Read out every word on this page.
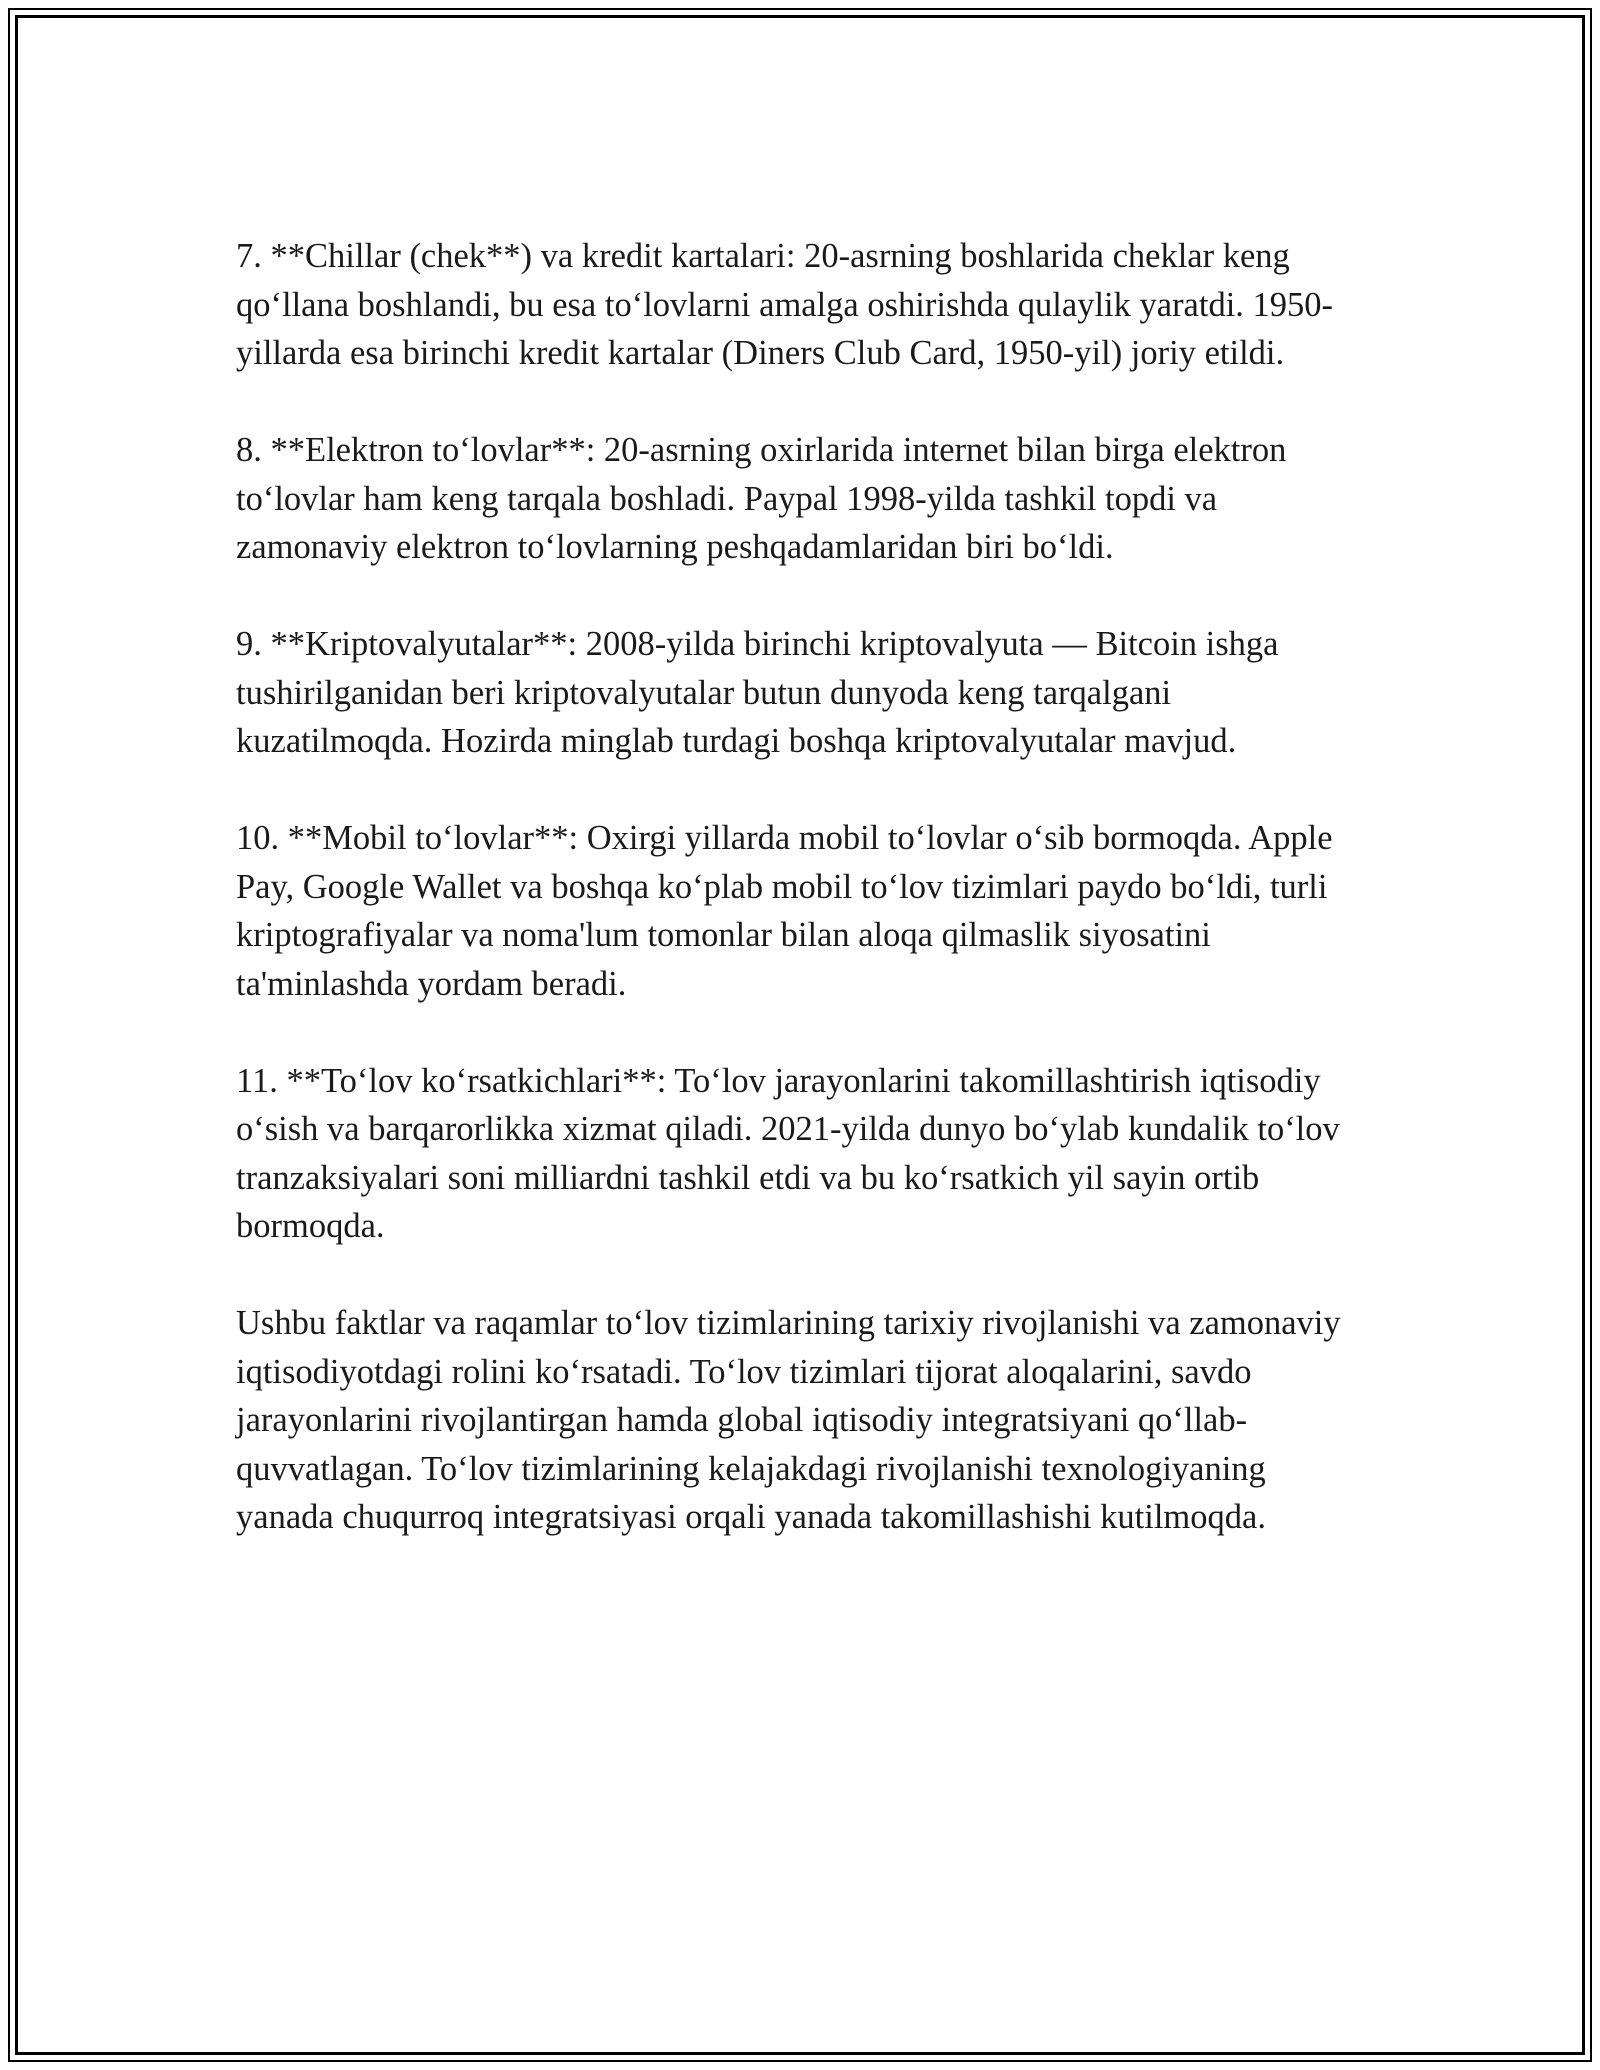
7. **Chillar (chek**) va kredit kartalari: 20-asrning boshlarida cheklar keng qo‘llana boshlandi, bu esa to‘lovlarni amalga oshirishda qulaylik yaratdi. 1950-yillarda esa birinchi kredit kartalar (Diners Club Card, 1950-yil) joriy etildi.

8. **Elektron to‘lovlar**: 20-asrning oxirlarida internet bilan birga elektron to‘lovlar ham keng tarqala boshladi. Paypal 1998-yilda tashkil topdi va zamonaviy elektron to‘lovlarning peshqadamlaridan biri bo‘ldi.

9. **Kriptovalyutalar**: 2008-yilda birinchi kriptovalyuta — Bitcoin ishga tushirilganidan beri kriptovalyutalar butun dunyoda keng tarqalgani kuzatilmoqda. Hozirda minglab turdagi boshqa kriptovalyutalar mavjud.

10. **Mobil to‘lovlar**: Oxirgi yillarda mobil to‘lovlar o‘sib bormoqda. Apple Pay, Google Wallet va boshqa ko‘plab mobil to‘lov tizimlari paydo bo‘ldi, turli kriptografiyalar va noma'lum tomonlar bilan aloqa qilmaslik siyosatini ta'minlashda yordam beradi.

11. **To‘lov ko‘rsatkichlari**: To‘lov jarayonlarini takomillashtirish iqtisodiy o‘sish va barqarorlikka xizmat qiladi. 2021-yilda dunyo bo‘ylab kundalik to‘lov tranzaksiyalari soni milliardni tashkil etdi va bu ko‘rsatkich yil sayin ortib bormoqda.

Ushbu faktlar va raqamlar to‘lov tizimlarining tarixiy rivojlanishi va zamonaviy iqtisodiyotdagi rolini ko‘rsatadi. To‘lov tizimlari tijorat aloqalarini, savdo jarayonlarini rivojlantirgan hamda global iqtisodiy integratsiyani qo‘llab-quvvatlagan. To‘lov tizimlarining kelajakdagi rivojlanishi texnologiyaning yanada chuqurroq integratsiyasi orqali yanada takomillashishi kutilmoqda.
